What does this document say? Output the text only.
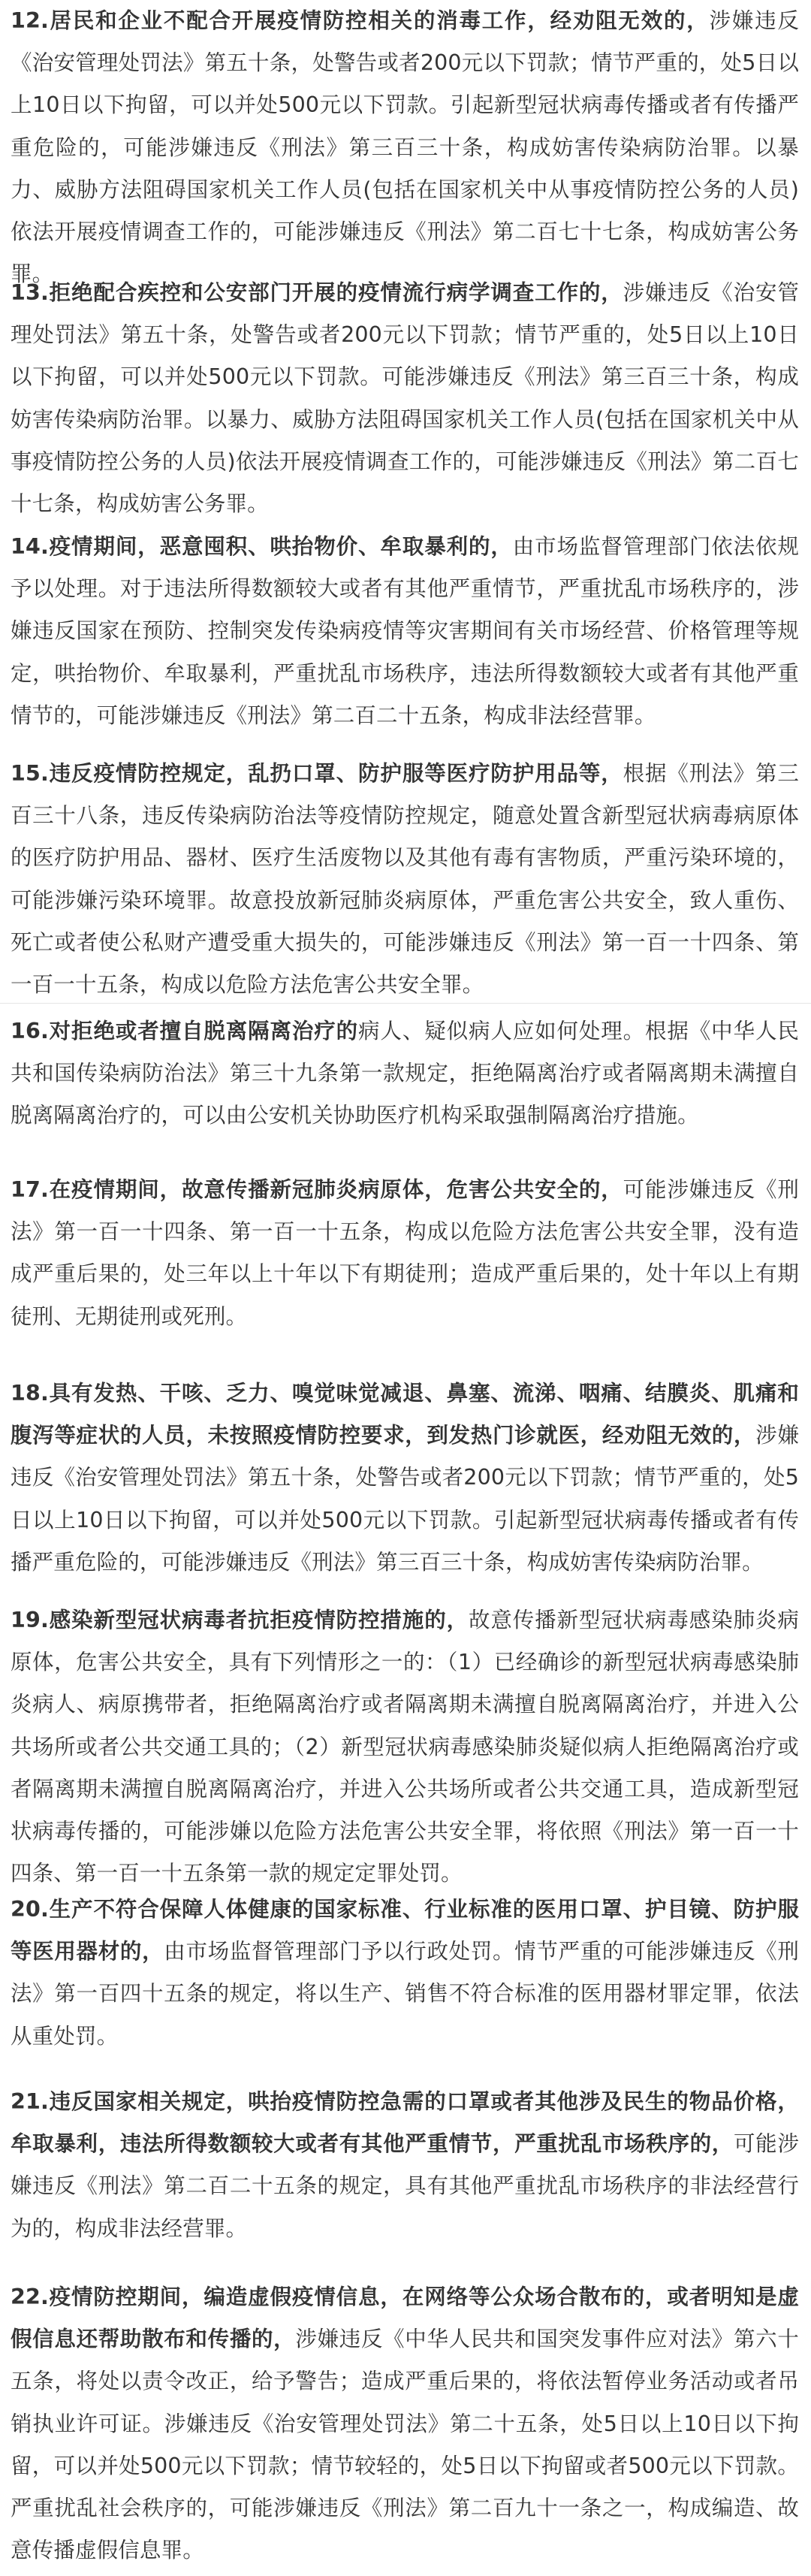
12.居民和企业不配合开展疫情防控相关的消毒工作，经劝阻无效的，涉嫌违反《治安管理处罚法》第五十条，处警告或者200元以下罚款；情节严重的，处5日以上10日以下拘留，可以并处500元以下罚款。引起新型冠状病毒传播或者有传播严重危险的，可能涉嫌违反《刑法》第三百三十条，构成妨害传染病防治罪。以暴力、威胁方法阻碍国家机关工作人员(包括在国家机关中从事疫情防控公务的人员)依法开展疫情调查工作的，可能涉嫌违反《刑法》第二百七十七条，构成妨害公务罪。

13.拒绝配合疾控和公安部门开展的疫情流行病学调查工作的，涉嫌违反《治安管理处罚法》第五十条，处警告或者200元以下罚款；情节严重的，处5日以上10日以下拘留，可以并处500元以下罚款。可能涉嫌违反《刑法》第三百三十条，构成妨害传染病防治罪。以暴力、威胁方法阻碍国家机关工作人员(包括在国家机关中从事疫情防控公务的人员)依法开展疫情调查工作的，可能涉嫌违反《刑法》第二百七十七条，构成妨害公务罪。

14.疫情期间，恶意囤积、哄抬物价、牟取暴利的，由市场监督管理部门依法依规予以处理。对于违法所得数额较大或者有其他严重情节，严重扰乱市场秩序的，涉嫌违反国家在预防、控制突发传染病疫情等灾害期间有关市场经营、价格管理等规定，哄抬物价、牟取暴利，严重扰乱市场秩序，违法所得数额较大或者有其他严重情节的，可能涉嫌违反《刑法》第二百二十五条，构成非法经营罪。

15.违反疫情防控规定，乱扔口罩、防护服等医疗防护用品等，根据《刑法》第三百三十八条，违反传染病防治法等疫情防控规定，随意处置含新型冠状病毒病原体的医疗防护用品、器材、医疗生活废物以及其他有毒有害物质，严重污染环境的，可能涉嫌污染环境罪。故意投放新冠肺炎病原体，严重危害公共安全，致人重伤、死亡或者使公私财产遭受重大损失的，可能涉嫌违反《刑法》第一百一十四条、第一百一十五条，构成以危险方法危害公共安全罪。

16.对拒绝或者擅自脱离隔离治疗的病人、疑似病人应如何处理。根据《中华人民共和国传染病防治法》第三十九条第一款规定，拒绝隔离治疗或者隔离期未满擅自脱离隔离治疗的，可以由公安机关协助医疗机构采取强制隔离治疗措施。

17.在疫情期间，故意传播新冠肺炎病原体，危害公共安全的，可能涉嫌违反《刑法》第一百一十四条、第一百一十五条，构成以危险方法危害公共安全罪，没有造成严重后果的，处三年以上十年以下有期徒刑；造成严重后果的，处十年以上有期徒刑、无期徒刑或死刑。

18.具有发热、干咳、乏力、嗅觉味觉减退、鼻塞、流涕、咽痛、结膜炎、肌痛和腹泻等症状的人员，未按照疫情防控要求，到发热门诊就医，经劝阻无效的，涉嫌违反《治安管理处罚法》第五十条，处警告或者200元以下罚款；情节严重的，处5日以上10日以下拘留，可以并处500元以下罚款。引起新型冠状病毒传播或者有传播严重危险的，可能涉嫌违反《刑法》第三百三十条，构成妨害传染病防治罪。

19.感染新型冠状病毒者抗拒疫情防控措施的，故意传播新型冠状病毒感染肺炎病原体，危害公共安全，具有下列情形之一的：（1）已经确诊的新型冠状病毒感染肺炎病人、病原携带者，拒绝隔离治疗或者隔离期未满擅自脱离隔离治疗，并进入公共场所或者公共交通工具的；（2）新型冠状病毒感染肺炎疑似病人拒绝隔离治疗或者隔离期未满擅自脱离隔离治疗，并进入公共场所或者公共交通工具，造成新型冠状病毒传播的，可能涉嫌以危险方法危害公共安全罪，将依照《刑法》第一百一十四条、第一百一十五条第一款的规定定罪处罚。

20.生产不符合保障人体健康的国家标准、行业标准的医用口罩、护目镜、防护服等医用器材的，由市场监督管理部门予以行政处罚。情节严重的可能涉嫌违反《刑法》第一百四十五条的规定，将以生产、销售不符合标准的医用器材罪定罪，依法从重处罚。

21.违反国家相关规定，哄抬疫情防控急需的口罩或者其他涉及民生的物品价格，牟取暴利，违法所得数额较大或者有其他严重情节，严重扰乱市场秩序的，可能涉嫌违反《刑法》第二百二十五条的规定，具有其他严重扰乱市场秩序的非法经营行为的，构成非法经营罪。

22.疫情防控期间，编造虚假疫情信息，在网络等公众场合散布的，或者明知是虚假信息还帮助散布和传播的，涉嫌违反《中华人民共和国突发事件应对法》第六十五条，将处以责令改正，给予警告；造成严重后果的，将依法暂停业务活动或者吊销执业许可证。涉嫌违反《治安管理处罚法》第二十五条，处5日以上10日以下拘留，可以并处500元以下罚款；情节较轻的，处5日以下拘留或者500元以下罚款。严重扰乱社会秩序的，可能涉嫌违反《刑法》第二百九十一条之一，构成编造、故意传播虚假信息罪。
